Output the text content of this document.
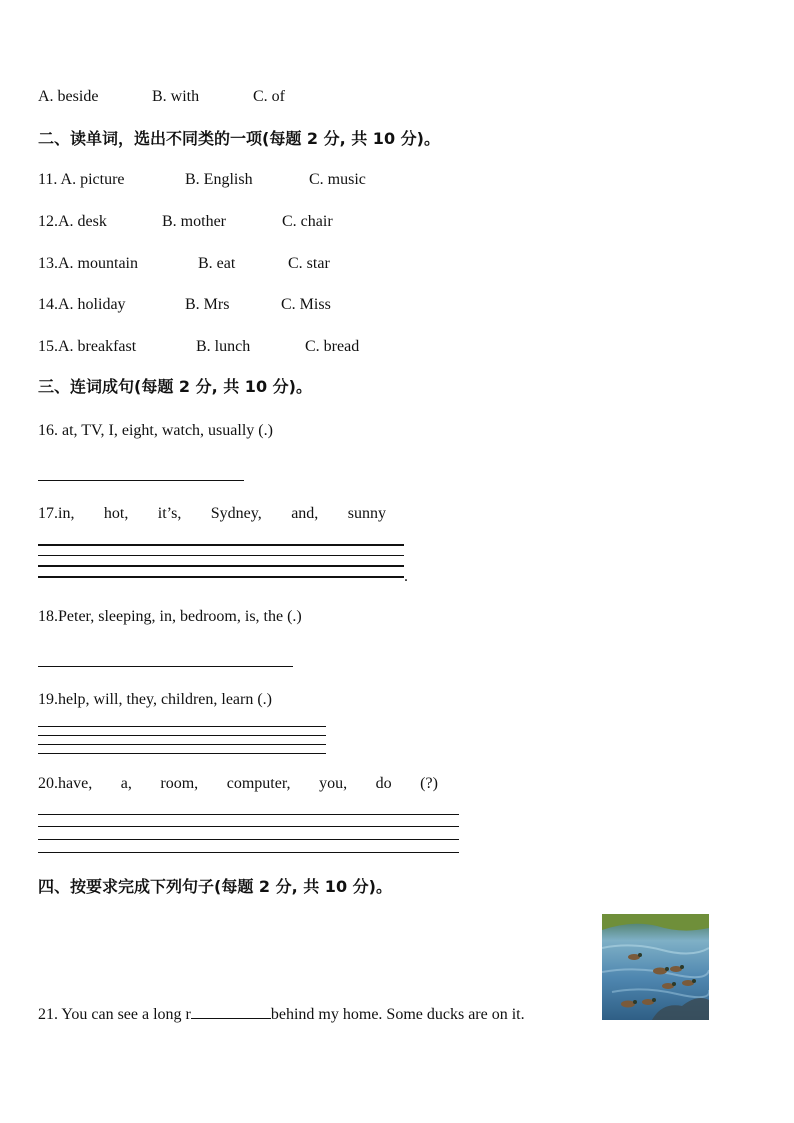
A. beside	B. with	C. of
二、读单词，选出不同类的一项(每题 2 分, 共 10 分)。
11. A. picture	B. English	C. music
12.A. desk	B. mother	C. chair
13.A. mountain	B. eat	C. star
14.A. holiday	B. Mrs	C. Miss
15.A. breakfast	B. lunch	C. bread
三、连词成句(每题 2 分, 共 10 分)。
16. at, TV, I, eight, watch, usually (.)
17.in, hot, it’s, Sydney, and, sunny
.
18.Peter, sleeping, in, bedroom, is, the (.)
19.help, will, they, children, learn (.)
20.have, a, room, computer, you, do (?)
四、按要求完成下列句子(每题 2 分, 共 10 分)。
21. You can see a long r	behind my home. Some ducks are on it.
